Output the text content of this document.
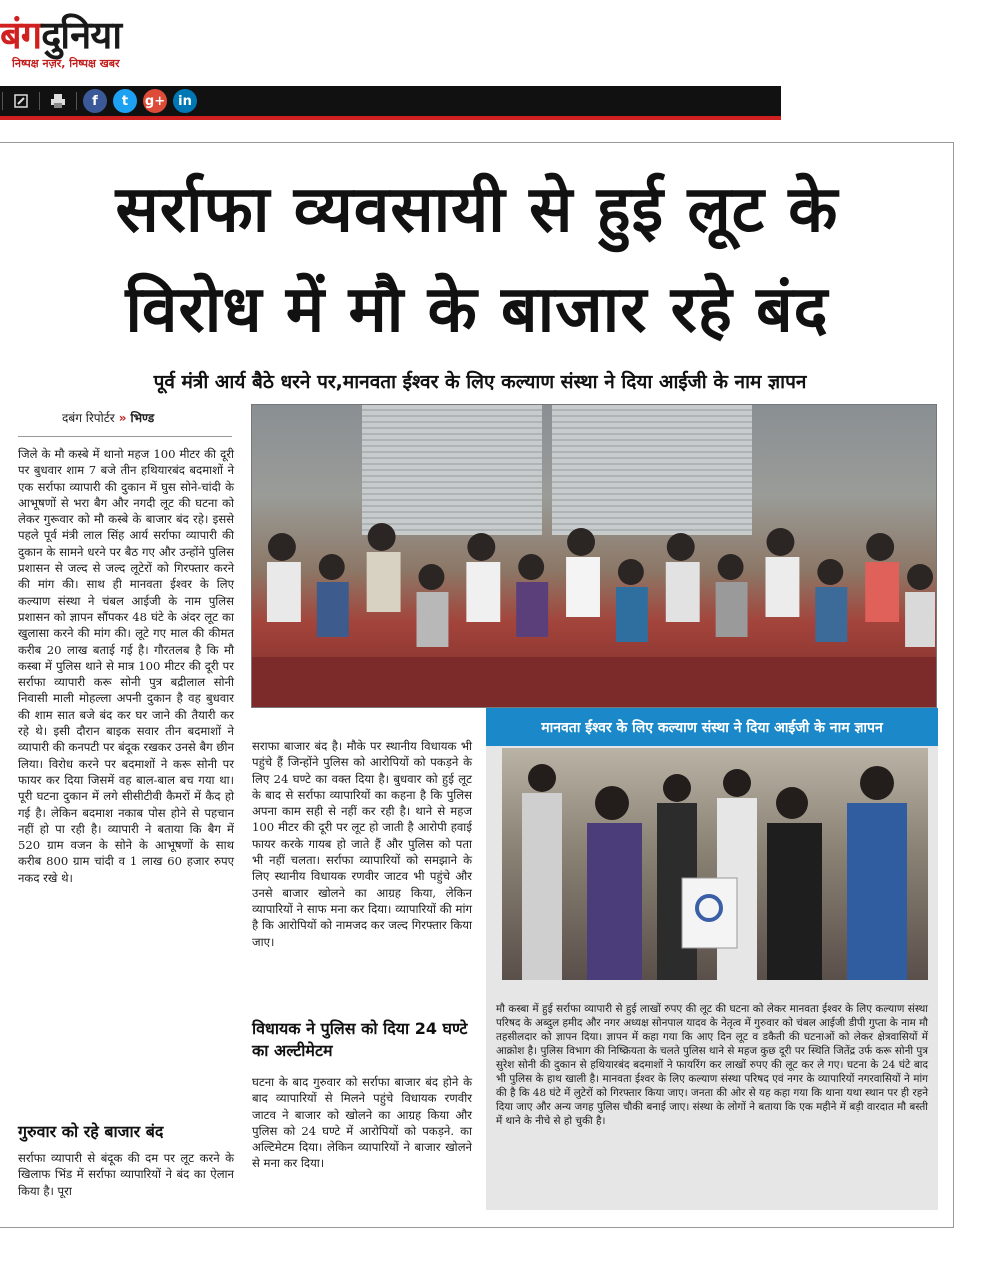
बंगदुनिया
निष्पक्ष नज़र, निष्पक्ष खबर
f	t	g+	in
सर्राफा व्यवसायी से हुई लूट के
विरोध में मौ के बाजार रहे बंद
पूर्व मंत्री आर्य बैठे धरने पर,मानवता ईश्वर के लिए कल्याण संस्था ने दिया आईजी के नाम ज्ञापन
दबंग रिपोर्टर » भिण्ड
जिले के मौ कस्बे में थानो महज 100 मीटर की दूरी पर बुधवार शाम 7 बजे तीन हथियारबंद बदमाशों ने एक सर्राफा व्यापारी की दुकान में घुस सोने-चांदी के आभूषणों से भरा बैग और नगदी लूट की घटना को लेकर गुरूवार को मौ कस्बे के बाजार बंद रहे। इससे पहले पूर्व मंत्री लाल सिंह आर्य सर्राफा व्यापारी की दुकान के सामने धरने पर बैठ गए और उन्होंने पुलिस प्रशासन से जल्द से जल्द लूटेरों को गिरफ्तार करने की मांग की। साथ ही मानवता ईश्वर के लिए कल्याण संस्था ने चंबल आईजी के नाम पुलिस प्रशासन को ज्ञापन सौंपकर 48 घंटे के अंदर लूट का खुलासा करने की मांग की। लूटे गए माल की कीमत करीब 20 लाख बताई गई है। गौरतलब है कि मौ कस्बा में पुलिस थाने से मात्र 100 मीटर की दूरी पर सर्राफा व्यापारी करू सोनी पुत्र बद्रीलाल सोनी निवासी माली मोहल्ला अपनी दुकान है वह बुधवार की शाम सात बजे बंद कर घर जाने की तैयारी कर रहे थे। इसी दौरान बाइक सवार तीन बदमाशों ने व्यापारी की कनपटी पर बंदूक रखकर उनसे बैग छीन लिया। विरोध करने पर बदमाशों ने करू सोनी पर फायर कर दिया जिसमें वह बाल-बाल बच गया था। पूरी घटना दुकान में लगे सीसीटीवी कैमरों में कैद हो गई है। लेकिन बदमाश नकाब पोस होने से पहचान नहीं हो पा रही है। व्यापारी ने बताया कि बैग में 520 ग्राम वजन के सोने के आभूषणों के साथ करीब 800 ग्राम चांदी व 1 लाख 60 हजार रुपए नकद रखे थे।
गुरुवार को रहे बाजार बंद
सर्राफा व्यापारी से बंदूक की दम पर लूट करने के खिलाफ भिंड में सर्राफा व्यापारियों ने बंद का ऐलान किया है। पूरा
सराफा बाजार बंद है। मौके पर स्थानीय विधायक भी पहुंचे हैं जिन्होंने पुलिस को आरोपियों को पकड़ने के लिए 24 घण्टे का वक्त दिया है। बुधवार को हुई लूट के बाद से सर्राफा व्यापारियों का कहना है कि पुलिस अपना काम सही से नहीं कर रही है। थाने से महज 100 मीटर की दूरी पर लूट हो जाती है आरोपी हवाई फायर करके गायब हो जाते हैं और पुलिस को पता भी नहीं चलता। सर्राफा व्यापारियों को समझाने के लिए स्थानीय विधायक रणवीर जाटव भी पहुंचे और उनसे बाजार खोलने का आग्रह किया, लेकिन व्यापारियों ने साफ मना कर दिया। व्यापारियों की मांग है कि आरोपियों को नामजद कर जल्द गिरफ्तार किया जाए।
विधायक ने पुलिस को दिया 24 घण्टे का अल्टीमेटम
घटना के बाद गुरुवार को सर्राफा बाजार बंद होने के बाद व्यापारियों से मिलने पहुंचे विधायक रणवीर जाटव ने बाजार को खोलने का आग्रह किया और पुलिस को 24 घण्टे में आरोपियों को पकड़ने. का अल्टिमेटम दिया। लेकिन व्यापारियों ने बाजार खोलने से मना कर दिया।
मानवता ईश्वर के लिए कल्याण संस्था ने दिया आईजी के नाम ज्ञापन
मौ कस्बा में हुई सर्राफा व्यापारी से हुई लाखों रुपए की लूट की घटना को लेकर मानवता ईश्वर के लिए कल्याण संस्था परिषद के अब्दुल हमीद और नगर अध्यक्ष सोनपाल यादव के नेतृत्व में गुरुवार को चंबल आईजी डीपी गुप्ता के नाम मौ तहसीलदार को ज्ञापन दिया। ज्ञापन में कहा गया कि आए दिन लूट व डकैती की घटनाओं को लेकर क्षेत्रवासियों में आक्रोश है। पुलिस विभाग की निष्क्रियता के चलते पुलिस थाने से महज कुछ दूरी पर स्थिति जितेंद्र उर्फ करू सोनी पुत्र सुरेश सोनी की दुकान से हथियारबंद बदमाशों ने फायरिंग कर लाखों रुपए की लूट कर ले गए। घटना के 24 घंटे बाद भी पुलिस के हाथ खाली है। मानवता ईश्वर के लिए कल्याण संस्था परिषद एवं नगर के व्यापारियों नगरवासियों ने मांग की है कि 48 घंटे में लुटेरों को गिरफ्तार किया जाए। जनता की ओर से यह कहा गया कि थाना यथा स्थान पर ही रहने दिया जाए और अन्य जगह पुलिस चौकी बनाई जाए। संस्था के लोगों ने बताया कि एक महीने में बड़ी वारदात मौ बस्ती में थाने के नीचे से हो चुकी है।
